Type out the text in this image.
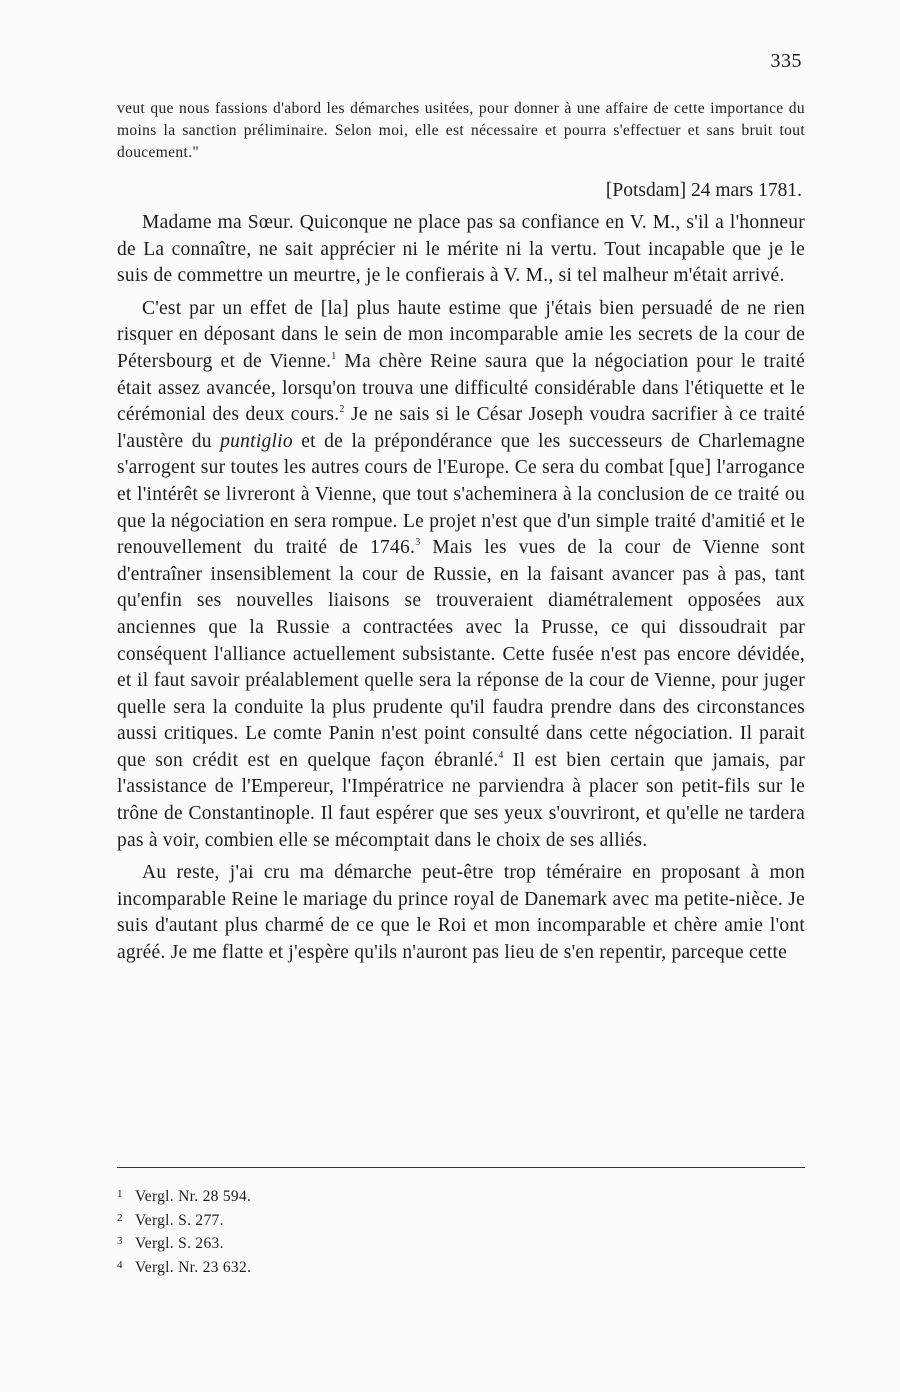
335

veut que nous fassions d'abord les démarches usitées, pour donner à une affaire de cette importance du moins la sanction préliminaire. Selon moi, elle est nécessaire et pourra s'effectuer et sans bruit tout doucement."

[Potsdam] 24 mars 1781.

Madame ma Sœur. Quiconque ne place pas sa confiance en V. M., s'il a l'honneur de La connaître, ne sait apprécier ni le mérite ni la vertu. Tout incapable que je le suis de commettre un meurtre, je le confierais à V. M., si tel malheur m'était arrivé.

C'est par un effet de [la] plus haute estime que j'étais bien persuadé de ne rien risquer en déposant dans le sein de mon incomparable amie les secrets de la cour de Pétersbourg et de Vienne.$^1$ Ma chère Reine saura que la négociation pour le traité était assez avancée, lorsqu'on trouva une difficulté considérable dans l'étiquette et le cérémonial des deux cours.$^2$ Je ne sais si le César Joseph voudra sacrifier à ce traité l'austère du puntiglio et de la prépondérance que les successeurs de Charlemagne s'arrogent sur toutes les autres cours de l'Europe. Ce sera du combat [que] l'arrogance et l'intérêt se livreront à Vienne, que tout s'acheminera à la conclusion de ce traité ou que la négociation en sera rompue. Le projet n'est que d'un simple traité d'amitié et le renouvellement du traité de 1746.$^3$ Mais les vues de la cour de Vienne sont d'entraîner insensiblement la cour de Russie, en la faisant avancer pas à pas, tant qu'enfin ses nouvelles liaisons se trouveraient diamétralement opposées aux anciennes que la Russie a contractées avec la Prusse, ce qui dissoudrait par conséquent l'alliance actuellement subsistante. Cette fusée n'est pas encore dévidée, et il faut savoir préalablement quelle sera la réponse de la cour de Vienne, pour juger quelle sera la conduite la plus prudente qu'il faudra prendre dans des circonstances aussi critiques. Le comte Panin n'est point consulté dans cette négociation. Il parait que son crédit est en quelque façon ébranlé.$^4$ Il est bien certain que jamais, par l'assistance de l'Empereur, l'Impératrice ne parviendra à placer son petit-fils sur le trône de Constantinople. Il faut espérer que ses yeux s'ouvriront, et qu'elle ne tardera pas à voir, combien elle se mécomptait dans le choix de ses alliés.

Au reste, j'ai cru ma démarche peut-être trop téméraire en proposant à mon incomparable Reine le mariage du prince royal de Danemark avec ma petite-nièce. Je suis d'autant plus charmé de ce que le Roi et mon incomparable et chère amie l'ont agréé. Je me flatte et j'espère qu'ils n'auront pas lieu de s'en repentir, parceque cette

1 Vergl. Nr. 28 594.
2 Vergl. S. 277.
3 Vergl. S. 263.
4 Vergl. Nr. 23 632.
